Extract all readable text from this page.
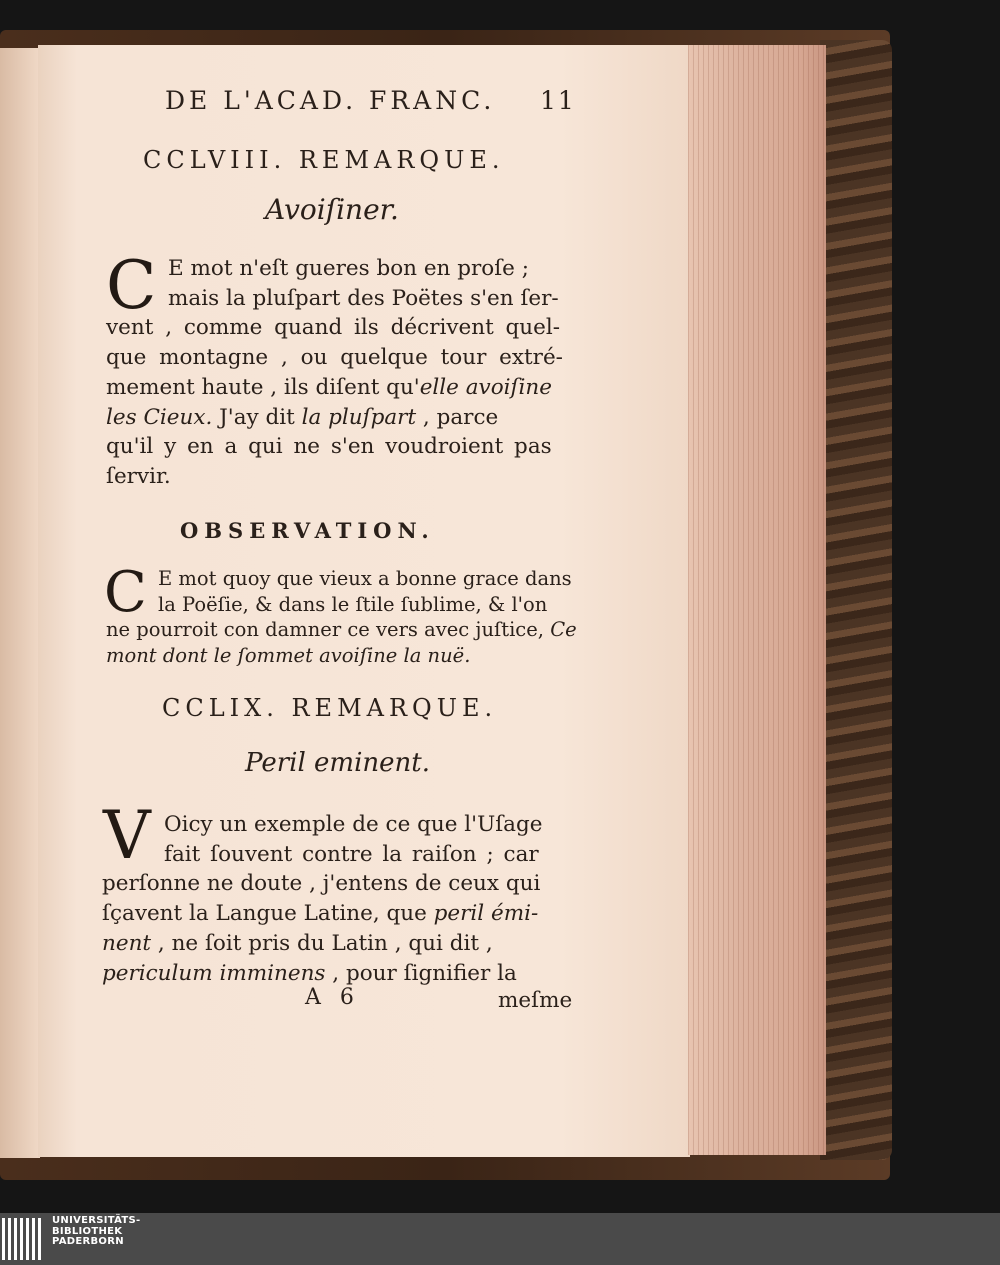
DE L'ACAD. FRANC. 11
CCLVIII. REMARQUE.
Avoiſiner.
C E mot n'eſt gueres bon en proſe ;
mais la pluſpart des Poëtes s'en ſer-
vent , comme quand ils décrivent quel-
que montagne , ou quelque tour extré-
mement haute , ils diſent qu'elle avoiſine
les Cieux. J'ay dit la pluſpart , parce
qu'il y en a qui ne s'en voudroient pas
ſervir.
OBSERVATION.
C E mot quoy que vieux a bonne grace dans
la Poëſie, & dans le ſtile ſublime, & l'on
ne pourroit con damner ce vers avec juſtice, Ce
mont dont le ſommet avoiſine la nuë.
CCLIX. REMARQUE.
Peril eminent.
V Oicy un exemple de ce que l'Uſage
fait ſouvent contre la raiſon ; car
perſonne ne doute , j'entens de ceux qui
ſçavent la Langue Latine, que peril émi-
nent , ne ſoit pris du Latin , qui dit ,
periculum imminens , pour ſignifier la
A 6	meſme
UNIVERSITÄTS-
BIBLIOTHEK
PADERBORN
